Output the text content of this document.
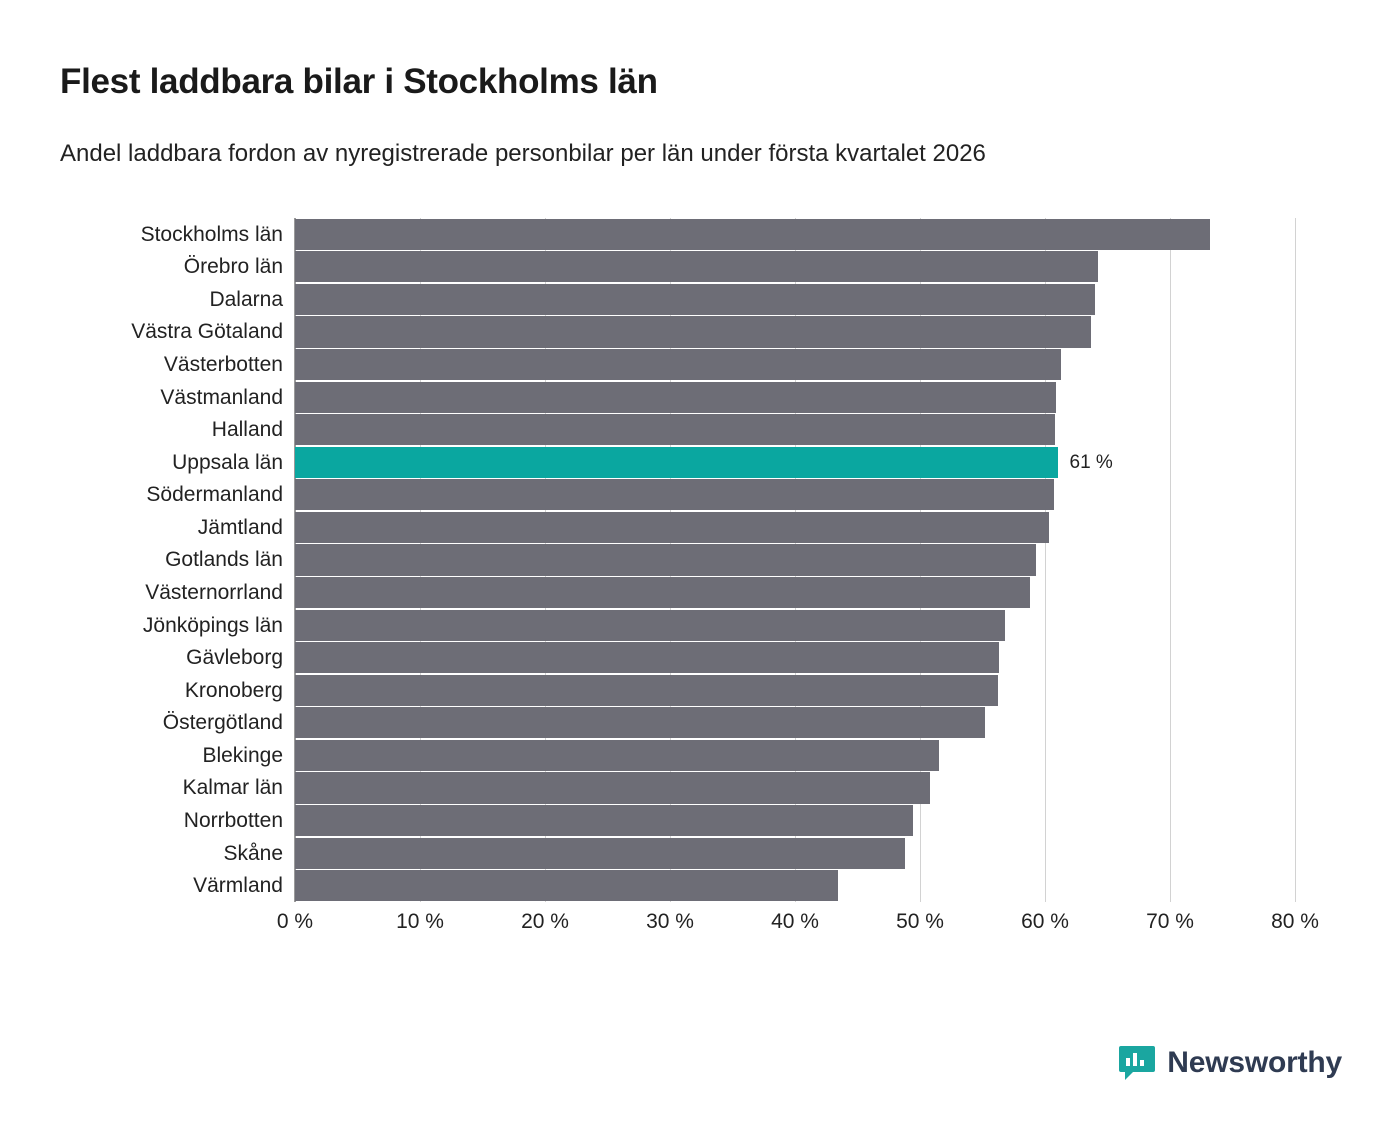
Flest laddbara bilar i Stockholms län
Andel laddbara fordon av nyregistrerade personbilar per län under första kvartalet 2026
Stockholms län
Örebro län
Dalarna
Västra Götaland
Västerbotten
Västmanland
Halland
Uppsala län	61 %
Södermanland
Jämtland
Gotlands län
Västernorrland
Jönköpings län
Gävleborg
Kronoberg
Östergötland
Blekinge
Kalmar län
Norrbotten
Skåne
Värmland
0 %	10 %	20 %	30 %	40 %	50 %	60 %	70 %	80 %
Newsworthy
